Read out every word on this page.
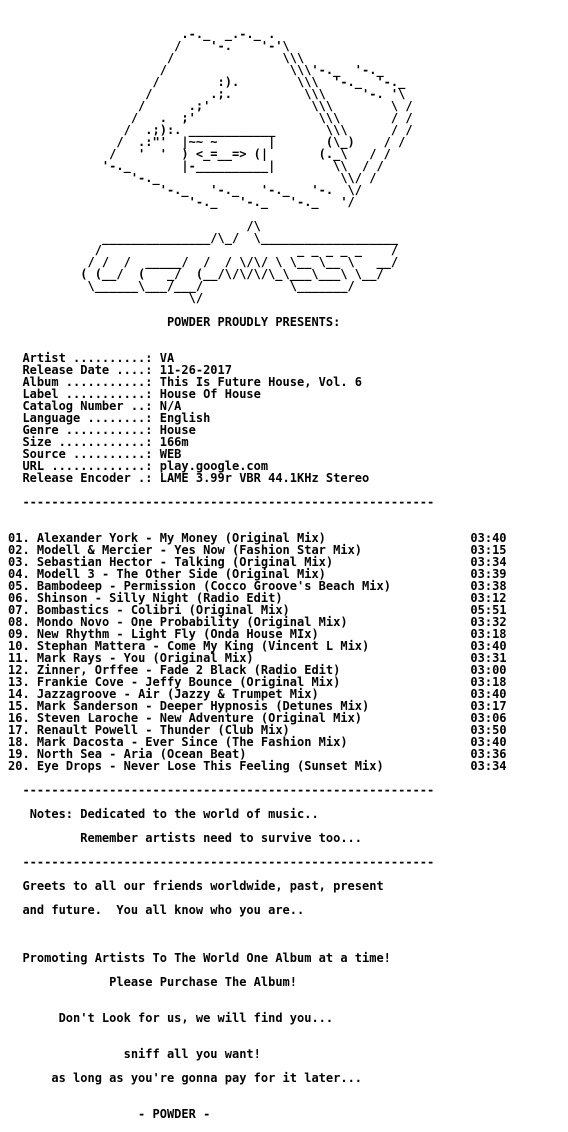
.-._  _.-._ .
/    '-.    '-'\
/               \\\
/                 \\\'-._  '-._
/        :).        \\\  '-._  '-._
/        .;.          \\\     '-. '\
/      .;'              \\\        \ /
/   .  ;'                 \\\       / /
/  .;):. ____________       \\\      / /
/  .:"'  |~~ ~       |       (\_)    / /
/   '  '  ) <_=__=> (|       (._\   / /
'-._       |-__________|        \\  / /
'-._                         \\/ /
'-._   '-._   '-._   '-.  \/
'-._   '-._   '-._   '/

/\
_______________/\_/  \___________________
/                           _ _ _ _ _    /
/ /  /  _____/  /  / \/\/ \ \__ \__ \   __/
( (__/  (   _/  (__/\/\/\/\_\___\___\ \__/
\______\___/___/            \_______/
\/

POWDER PROUDLY PRESENTS:

Artist ..........: VA
Release Date ....: 11-26-2017
Album ...........: This Is Future House, Vol. 6
Label ...........: House Of House
Catalog Number ..: N/A
Language ........: English
Genre ...........: House
Size ............: 166m
Source ..........: WEB
URL .............: play.google.com
Release Encoder .: LAME 3.99r VBR 44.1KHz Stereo

---------------------------------------------------------

01. Alexander York - My Money (Original Mix)	03:40
02. Modell & Mercier - Yes Now (Fashion Star Mix)	03:15
03. Sebastian Hector - Talking (Original Mix)	03:34
04. Modell 3 - The Other Side (Original Mix)	03:39
05. Bambodeep - Permission (Cocco Groove's Beach Mix)	03:38
06. Shinson - Silly Night (Radio Edit)	03:12
07. Bombastics - Colibri (Original Mix)	05:51
08. Mondo Novo - One Probability (Original Mix)	03:32
09. New Rhythm - Light Fly (Onda House MIx)	03:18
10. Stephan Mattera - Come My King (Vincent L Mix)	03:40
11. Mark Rays - You (Original Mix)	03:31
12. Zinner, Orffee - Fade 2 Black (Radio Edit)	03:00
13. Frankie Cove - Jeffy Bounce (Original Mix)	03:18
14. Jazzagroove - Air (Jazzy & Trumpet Mix)	03:40
15. Mark Sanderson - Deeper Hypnosis (Detunes Mix)	03:17
16. Steven Laroche - New Adventure (Original Mix)	03:06
17. Renault Powell - Thunder (Club Mix)	03:50
18. Mark Dacosta - Ever Since (The Fashion Mix)	03:40
19. North Sea - Aria (Ocean Beat)	03:36
20. Eye Drops - Never Lose This Feeling (Sunset Mix)	03:34

---------------------------------------------------------

Notes: Dedicated to the world of music..

Remember artists need to survive too...

---------------------------------------------------------

Greets to all our friends worldwide, past, present

and future.  You all know who you are..

Promoting Artists To The World One Album at a time!

Please Purchase The Album!

Don't Look for us, we will find you...

sniff all you want!

as long as you're gonna pay for it later...

- POWDER -
